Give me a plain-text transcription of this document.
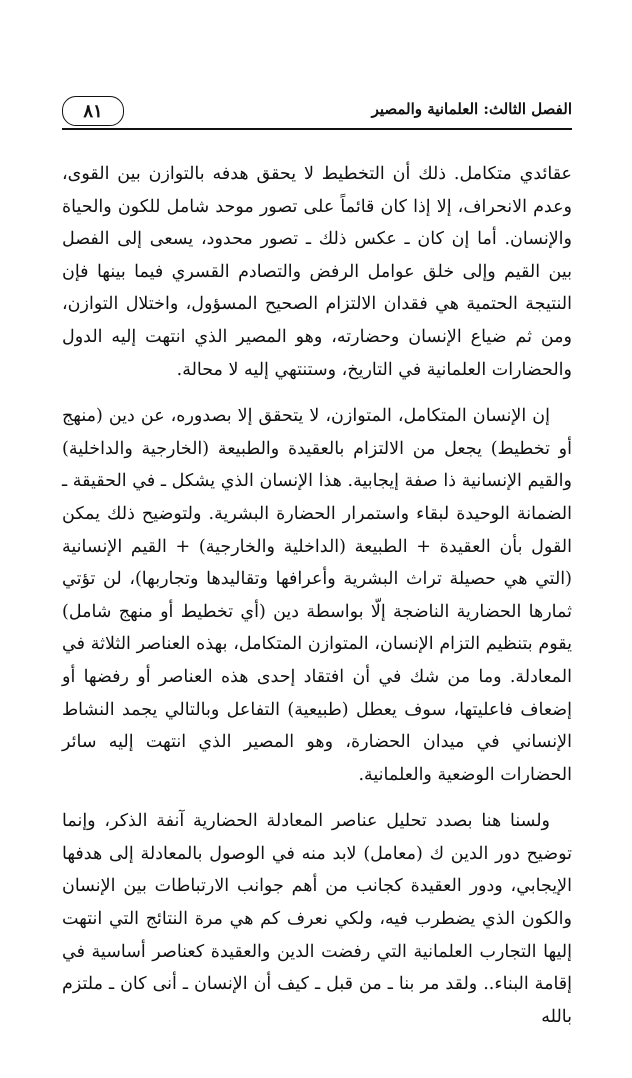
٨١	الفصل الثالث: العلمانية والمصير

عقائدي متكامل. ذلك أن التخطيط لا يحقق هدفه بالتوازن بين القوى، وعدم الانحراف، إلا إذا كان قائماً على تصور موحد شامل للكون والحياة والإنسان. أما إن كان ـ عكس ذلك ـ تصور محدود، يسعى إلى الفصل بين القيم وإلى خلق عوامل الرفض والتصادم القسري فيما بينها فإن النتيجة الحتمية هي فقدان الالتزام الصحيح المسؤول، واختلال التوازن، ومن ثم ضياع الإنسان وحضارته، وهو المصير الذي انتهت إليه الدول والحضارات العلمانية في التاريخ، وستنتهي إليه لا محالة.

إن الإنسان المتكامل، المتوازن، لا يتحقق إلا بصدوره، عن دين (منهج أو تخطيط) يجعل من الالتزام بالعقيدة والطبيعة (الخارجية والداخلية) والقيم الإنسانية ذا صفة إيجابية. هذا الإنسان الذي يشكل ـ في الحقيقة ـ الضمانة الوحيدة لبقاء واستمرار الحضارة البشرية. ولتوضيح ذلك يمكن القول بأن العقيدة + الطبيعة (الداخلية والخارجية) + القيم الإنسانية (التي هي حصيلة تراث البشرية وأعرافها وتقاليدها وتجاربها)، لن تؤتي ثمارها الحضارية الناضجة إلّا بواسطة دين (أي تخطيط أو منهج شامل) يقوم بتنظيم التزام الإنسان، المتوازن المتكامل، بهذه العناصر الثلاثة في المعادلة. وما من شك في أن افتقاد إحدى هذه العناصر أو رفضها أو إضعاف فاعليتها، سوف يعطل (طبيعية) التفاعل وبالتالي يجمد النشاط الإنساني في ميدان الحضارة، وهو المصير الذي انتهت إليه سائر الحضارات الوضعية والعلمانية.

ولسنا هنا بصدد تحليل عناصر المعادلة الحضارية آنفة الذكر، وإنما توضيح دور الدين ك (معامل) لابد منه في الوصول بالمعادلة إلى هدفها الإيجابي، ودور العقيدة كجانب من أهم جوانب الارتباطات بين الإنسان والكون الذي يضطرب فيه، ولكي نعرف كم هي مرة النتائج التي انتهت إليها التجارب العلمانية التي رفضت الدين والعقيدة كعناصر أساسية في إقامة البناء.. ولقد مر بنا ـ من قبل ـ كيف أن الإنسان ـ أنى كان ـ ملتزم بالله
